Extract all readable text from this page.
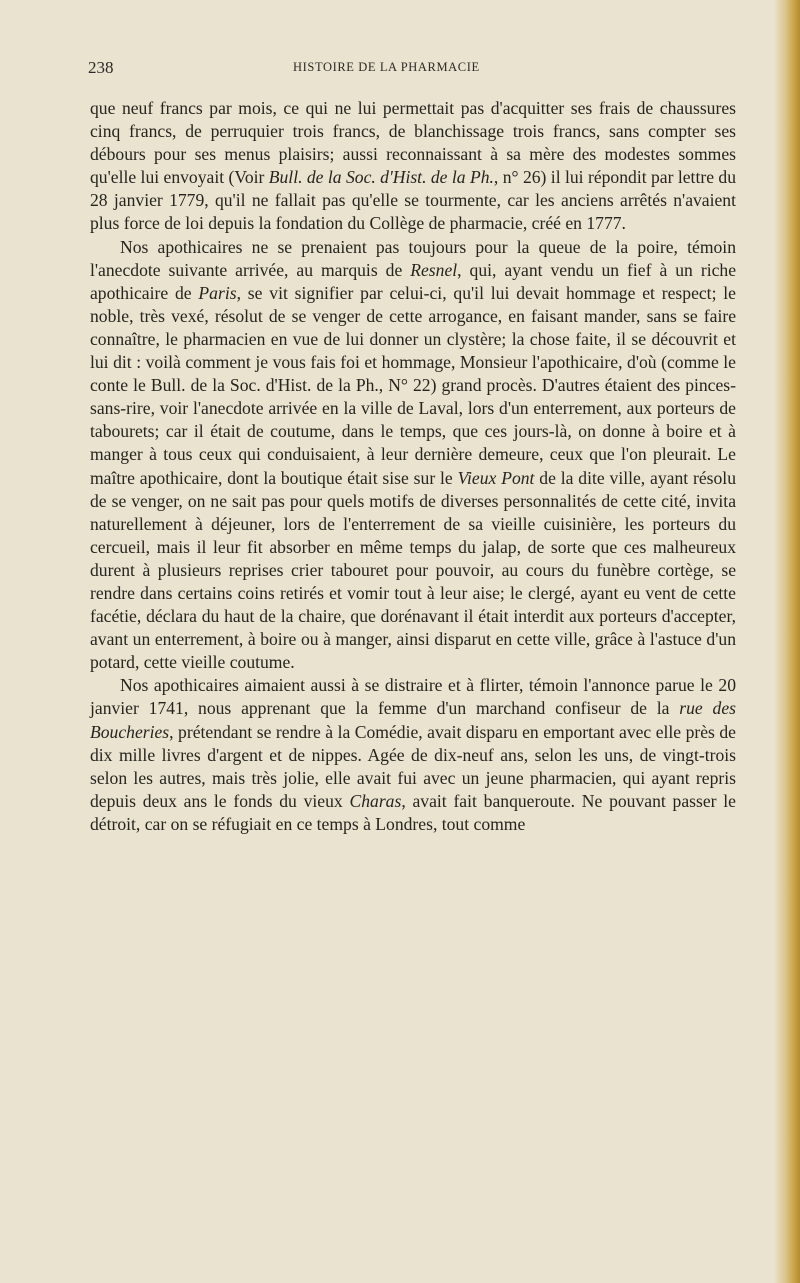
238	HISTOIRE DE LA PHARMACIE

que neuf francs par mois, ce qui ne lui permettait pas d'acquitter ses frais de chaussures cinq francs, de perruquier trois francs, de blanchissage trois francs, sans compter ses débours pour ses menus plaisirs; aussi reconnaissant à sa mère des modestes sommes qu'elle lui envoyait (Voir Bull. de la Soc. d'Hist. de la Ph., n° 26) il lui répondit par lettre du 28 janvier 1779, qu'il ne fallait pas qu'elle se tourmente, car les anciens arrêtés n'avaient plus force de loi depuis la fondation du Collège de pharmacie, créé en 1777.

Nos apothicaires ne se prenaient pas toujours pour la queue de la poire, témoin l'anecdote suivante arrivée, au marquis de Resnel, qui, ayant vendu un fief à un riche apothicaire de Paris, se vit signifier par celui-ci, qu'il lui devait hommage et respect; le noble, très vexé, résolut de se venger de cette arrogance, en faisant mander, sans se faire connaître, le pharmacien en vue de lui donner un clystère; la chose faite, il se découvrit et lui dit : voilà comment je vous fais foi et hommage, Monsieur l'apothicaire, d'où (comme le conte le Bull. de la Soc. d'Hist. de la Ph., N° 22) grand procès. D'autres étaient des pinces-sans-rire, voir l'anecdote arrivée en la ville de Laval, lors d'un enterrement, aux porteurs de tabourets; car il était de coutume, dans le temps, que ces jours-là, on donne à boire et à manger à tous ceux qui conduisaient, à leur dernière demeure, ceux que l'on pleurait. Le maître apothicaire, dont la boutique était sise sur le Vieux Pont de la dite ville, ayant résolu de se venger, on ne sait pas pour quels motifs de diverses personnalités de cette cité, invita naturellement à déjeuner, lors de l'enterrement de sa vieille cuisinière, les porteurs du cercueil, mais il leur fit absorber en même temps du jalap, de sorte que ces malheureux durent à plusieurs reprises crier tabouret pour pouvoir, au cours du funèbre cortège, se rendre dans certains coins retirés et vomir tout à leur aise; le clergé, ayant eu vent de cette facétie, déclara du haut de la chaire, que dorénavant il était interdit aux porteurs d'accepter, avant un enterrement, à boire ou à manger, ainsi disparut en cette ville, grâce à l'astuce d'un potard, cette vieille coutume.

Nos apothicaires aimaient aussi à se distraire et à flirter, témoin l'annonce parue le 20 janvier 1741, nous apprenant que la femme d'un marchand confiseur de la rue des Boucheries, prétendant se rendre à la Comédie, avait disparu en emportant avec elle près de dix mille livres d'argent et de nippes. Agée de dix-neuf ans, selon les uns, de vingt-trois selon les autres, mais très jolie, elle avait fui avec un jeune pharmacien, qui ayant repris depuis deux ans le fonds du vieux Charas, avait fait banqueroute. Ne pouvant passer le détroit, car on se réfugiait en ce temps à Londres, tout comme
